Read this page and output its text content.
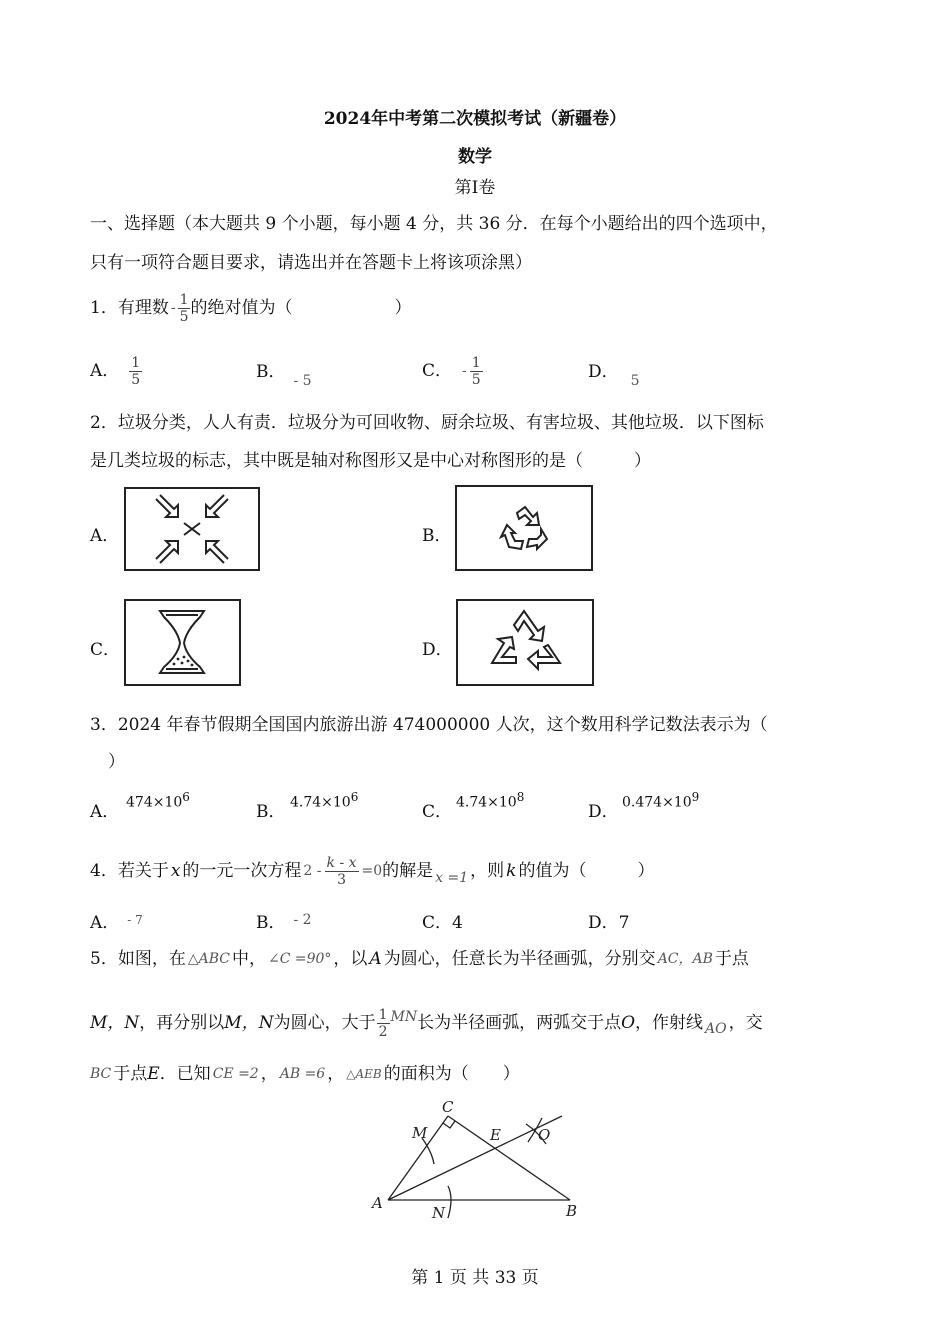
2024年中考第二次模拟考试（新疆卷）
数学
第Ⅰ卷
一、选择题（本大题共 9 个小题，每小题 4 分，共 36 分．在每个小题给出的四个选项中，
只有一项符合题目要求，请选出并在答题卡上将该项涂黑）
1．有理数 - $\frac{1}{5}$ 的绝对值为（　　　　　　）
A． $\frac{1}{5}$	B． $_{- 5}$	C． - $\frac{1}{5}$	D． $_5$
2．垃圾分类，人人有责．垃圾分为可回收物、厨余垃圾、有害垃圾、其他垃圾．以下图标
是几类垃圾的标志，其中既是轴对称图形又是中心对称图形的是（　　　）
A．	B．
C．	D．
3．2024 年春节假期全国国内旅游出游 474000000 人次，这个数用科学记数法表示为（
）
A． $474\times 10^6$
B． $4.74\times 10^6$
C． $4.74\times 10^8$
D． $0.474\times 10^9$
4．若关于 x 的一元一次方程 $2 - \frac{k - x}{3} =0$ 的解是 x =1 ，则 k 的值为（　　　）
A． $^{- 7}$	B． $^{- 2}$	C．4	D．7
5．如图，在 △ABC 中， ∠C =90° ，以 A 为圆心，任意长为半径画弧，分别交 AC，AB 于点
M，N ，再分别以 M，N 为圆心，大于 $\frac{1}{2}$ MN 长为半径画弧，两弧交于点 O ，作射线 AO ，交
BC 于点 E ．已知 CE =2 ， AB =6 ， △AEB 的面积为（　　）
C
M	E O
A
N	B
第 1 页 共 33 页
